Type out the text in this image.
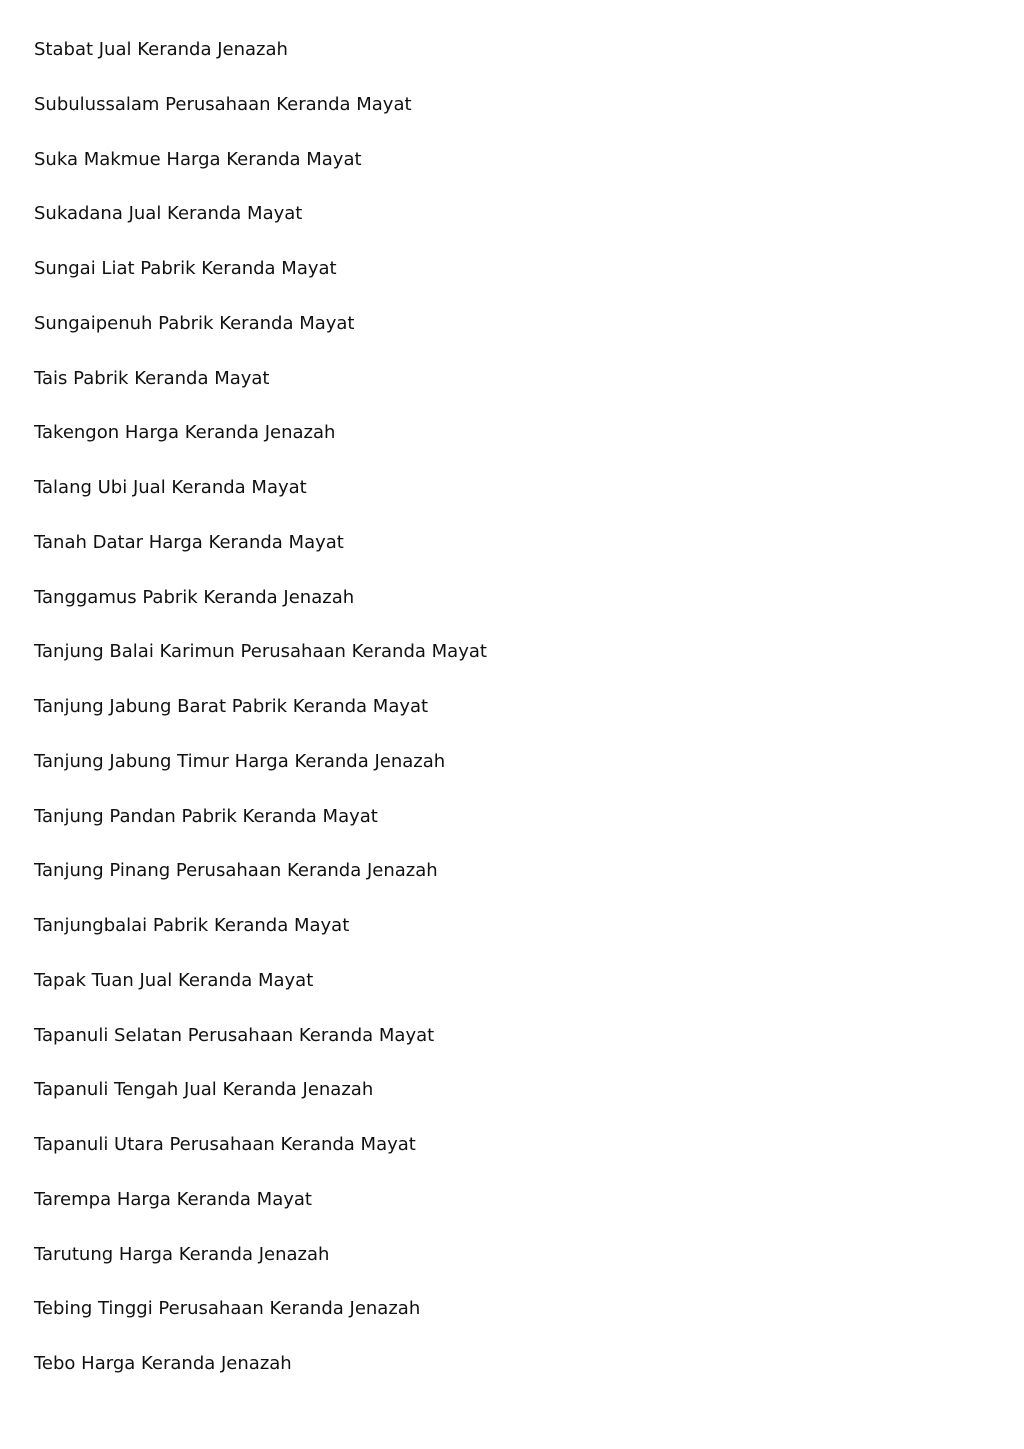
Stabat Jual Keranda Jenazah
Subulussalam Perusahaan Keranda Mayat
Suka Makmue Harga Keranda Mayat
Sukadana Jual Keranda Mayat
Sungai Liat Pabrik Keranda Mayat
Sungaipenuh Pabrik Keranda Mayat
Tais Pabrik Keranda Mayat
Takengon Harga Keranda Jenazah
Talang Ubi Jual Keranda Mayat
Tanah Datar Harga Keranda Mayat
Tanggamus Pabrik Keranda Jenazah
Tanjung Balai Karimun Perusahaan Keranda Mayat
Tanjung Jabung Barat Pabrik Keranda Mayat
Tanjung Jabung Timur Harga Keranda Jenazah
Tanjung Pandan Pabrik Keranda Mayat
Tanjung Pinang Perusahaan Keranda Jenazah
Tanjungbalai Pabrik Keranda Mayat
Tapak Tuan Jual Keranda Mayat
Tapanuli Selatan Perusahaan Keranda Mayat
Tapanuli Tengah Jual Keranda Jenazah
Tapanuli Utara Perusahaan Keranda Mayat
Tarempa Harga Keranda Mayat
Tarutung Harga Keranda Jenazah
Tebing Tinggi Perusahaan Keranda Jenazah
Tebo Harga Keranda Jenazah
